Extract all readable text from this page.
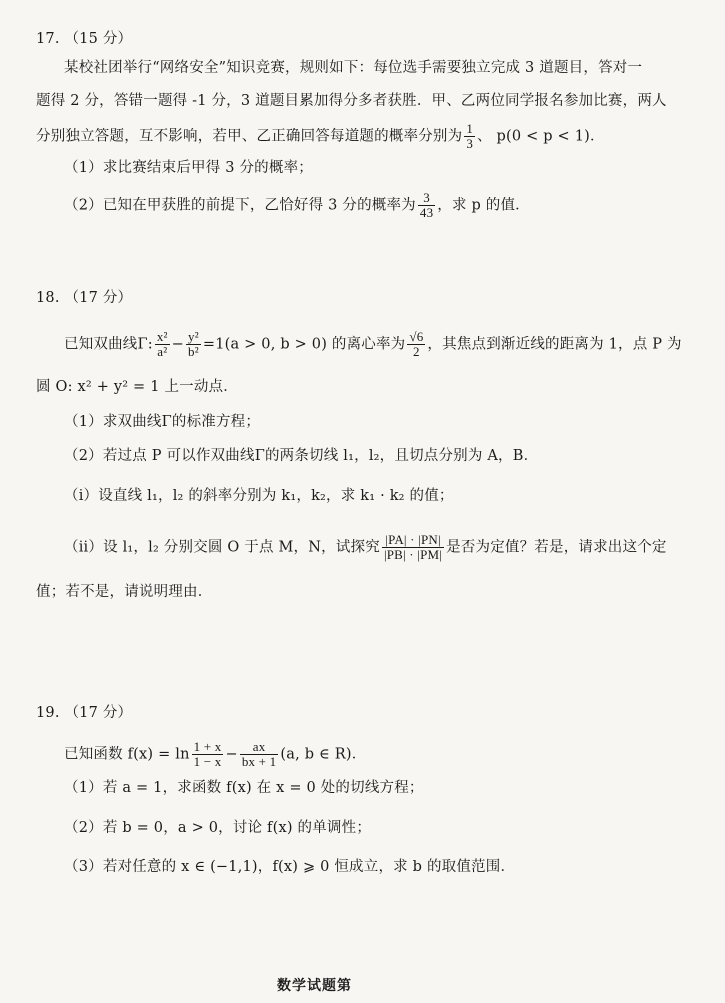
17. （15 分）
某校社团举行“网络安全”知识竞赛，规则如下：每位选手需要独立完成 3 道题目，答对一
题得 2 分，答错一题得 -1 分，3 道题目累加得分多者获胜．甲、乙两位同学报名参加比赛，两人
分别独立答题，互不影响，若甲、乙正确回答每道题的概率分别为 $\frac{1}{3}$ 、 p(0 < p < 1)．
（1）求比赛结束后甲得 3 分的概率；
（2）已知在甲获胜的前提下，乙恰好得 3 分的概率为 $\frac{3}{43}$ ，求 p 的值．
18. （17 分）
已知双曲线Γ: $\frac{\text{x²}}{\text{a²}} - \frac{\text{y²}}{\text{b²}} =1(a > 0$, b > 0) 的离心率为 $\frac{√6}{2}$ ，其焦点到渐近线的距离为 1，点 P 为
圆 O: x² + y² = 1 上一动点．
（1）求双曲线Γ的标准方程；
（2）若过点 P 可以作双曲线Γ的两条切线 l₁，l₂，且切点分别为 A，B．
（i）设直线 l₁，l₂ 的斜率分别为 k₁，k₂，求 k₁ · k₂ 的值；
（ii）设 l₁，l₂ 分别交圆 O 于点 M，N，试探究 $\frac{|PA| \cdot |PN|}{|PB| \cdot |PM|}$ 是否为定值？若是，请求出这个定
值；若不是，请说明理由．
19. （17 分）
已知函数 $f(x) = \ln \frac{1 + x}{1 - x} - \frac{ax}{bx + 1} (a$, b ∈ R)．
（1）若 a = 1，求函数 f(x) 在 x = 0 处的切线方程；
（2）若 b = 0，a > 0，讨论 f(x) 的单调性；
（3）若对任意的 x ∈ (−1,1)，f(x) ⩾ 0 恒成立，求 b 的取值范围．
数学试题第
